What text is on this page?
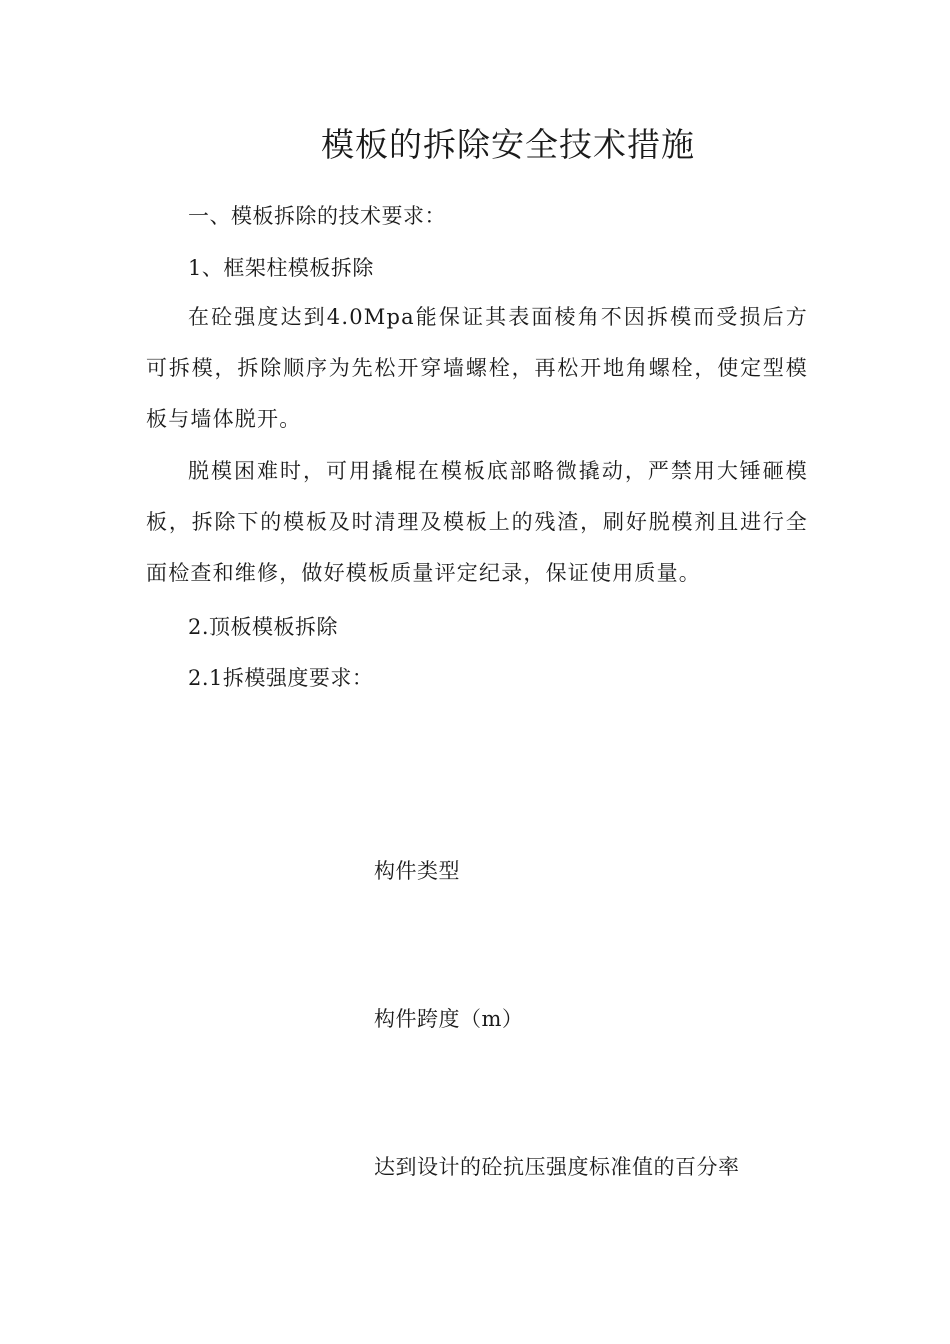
模板的拆除安全技术措施
一、模板拆除的技术要求：
1、框架柱模板拆除
在砼强度达到4.0Mpa能保证其表面棱角不因拆模而受损后方可拆模，拆除顺序为先松开穿墙螺栓，再松开地角螺栓，使定型模板与墙体脱开。
脱模困难时，可用撬棍在模板底部略微撬动，严禁用大锤砸模板，拆除下的模板及时清理及模板上的残渣，刷好脱模剂且进行全面检查和维修，做好模板质量评定纪录，保证使用质量。
2.顶板模板拆除
2.1拆模强度要求：
构件类型
构件跨度（m）
达到设计的砼抗压强度标准值的百分率
